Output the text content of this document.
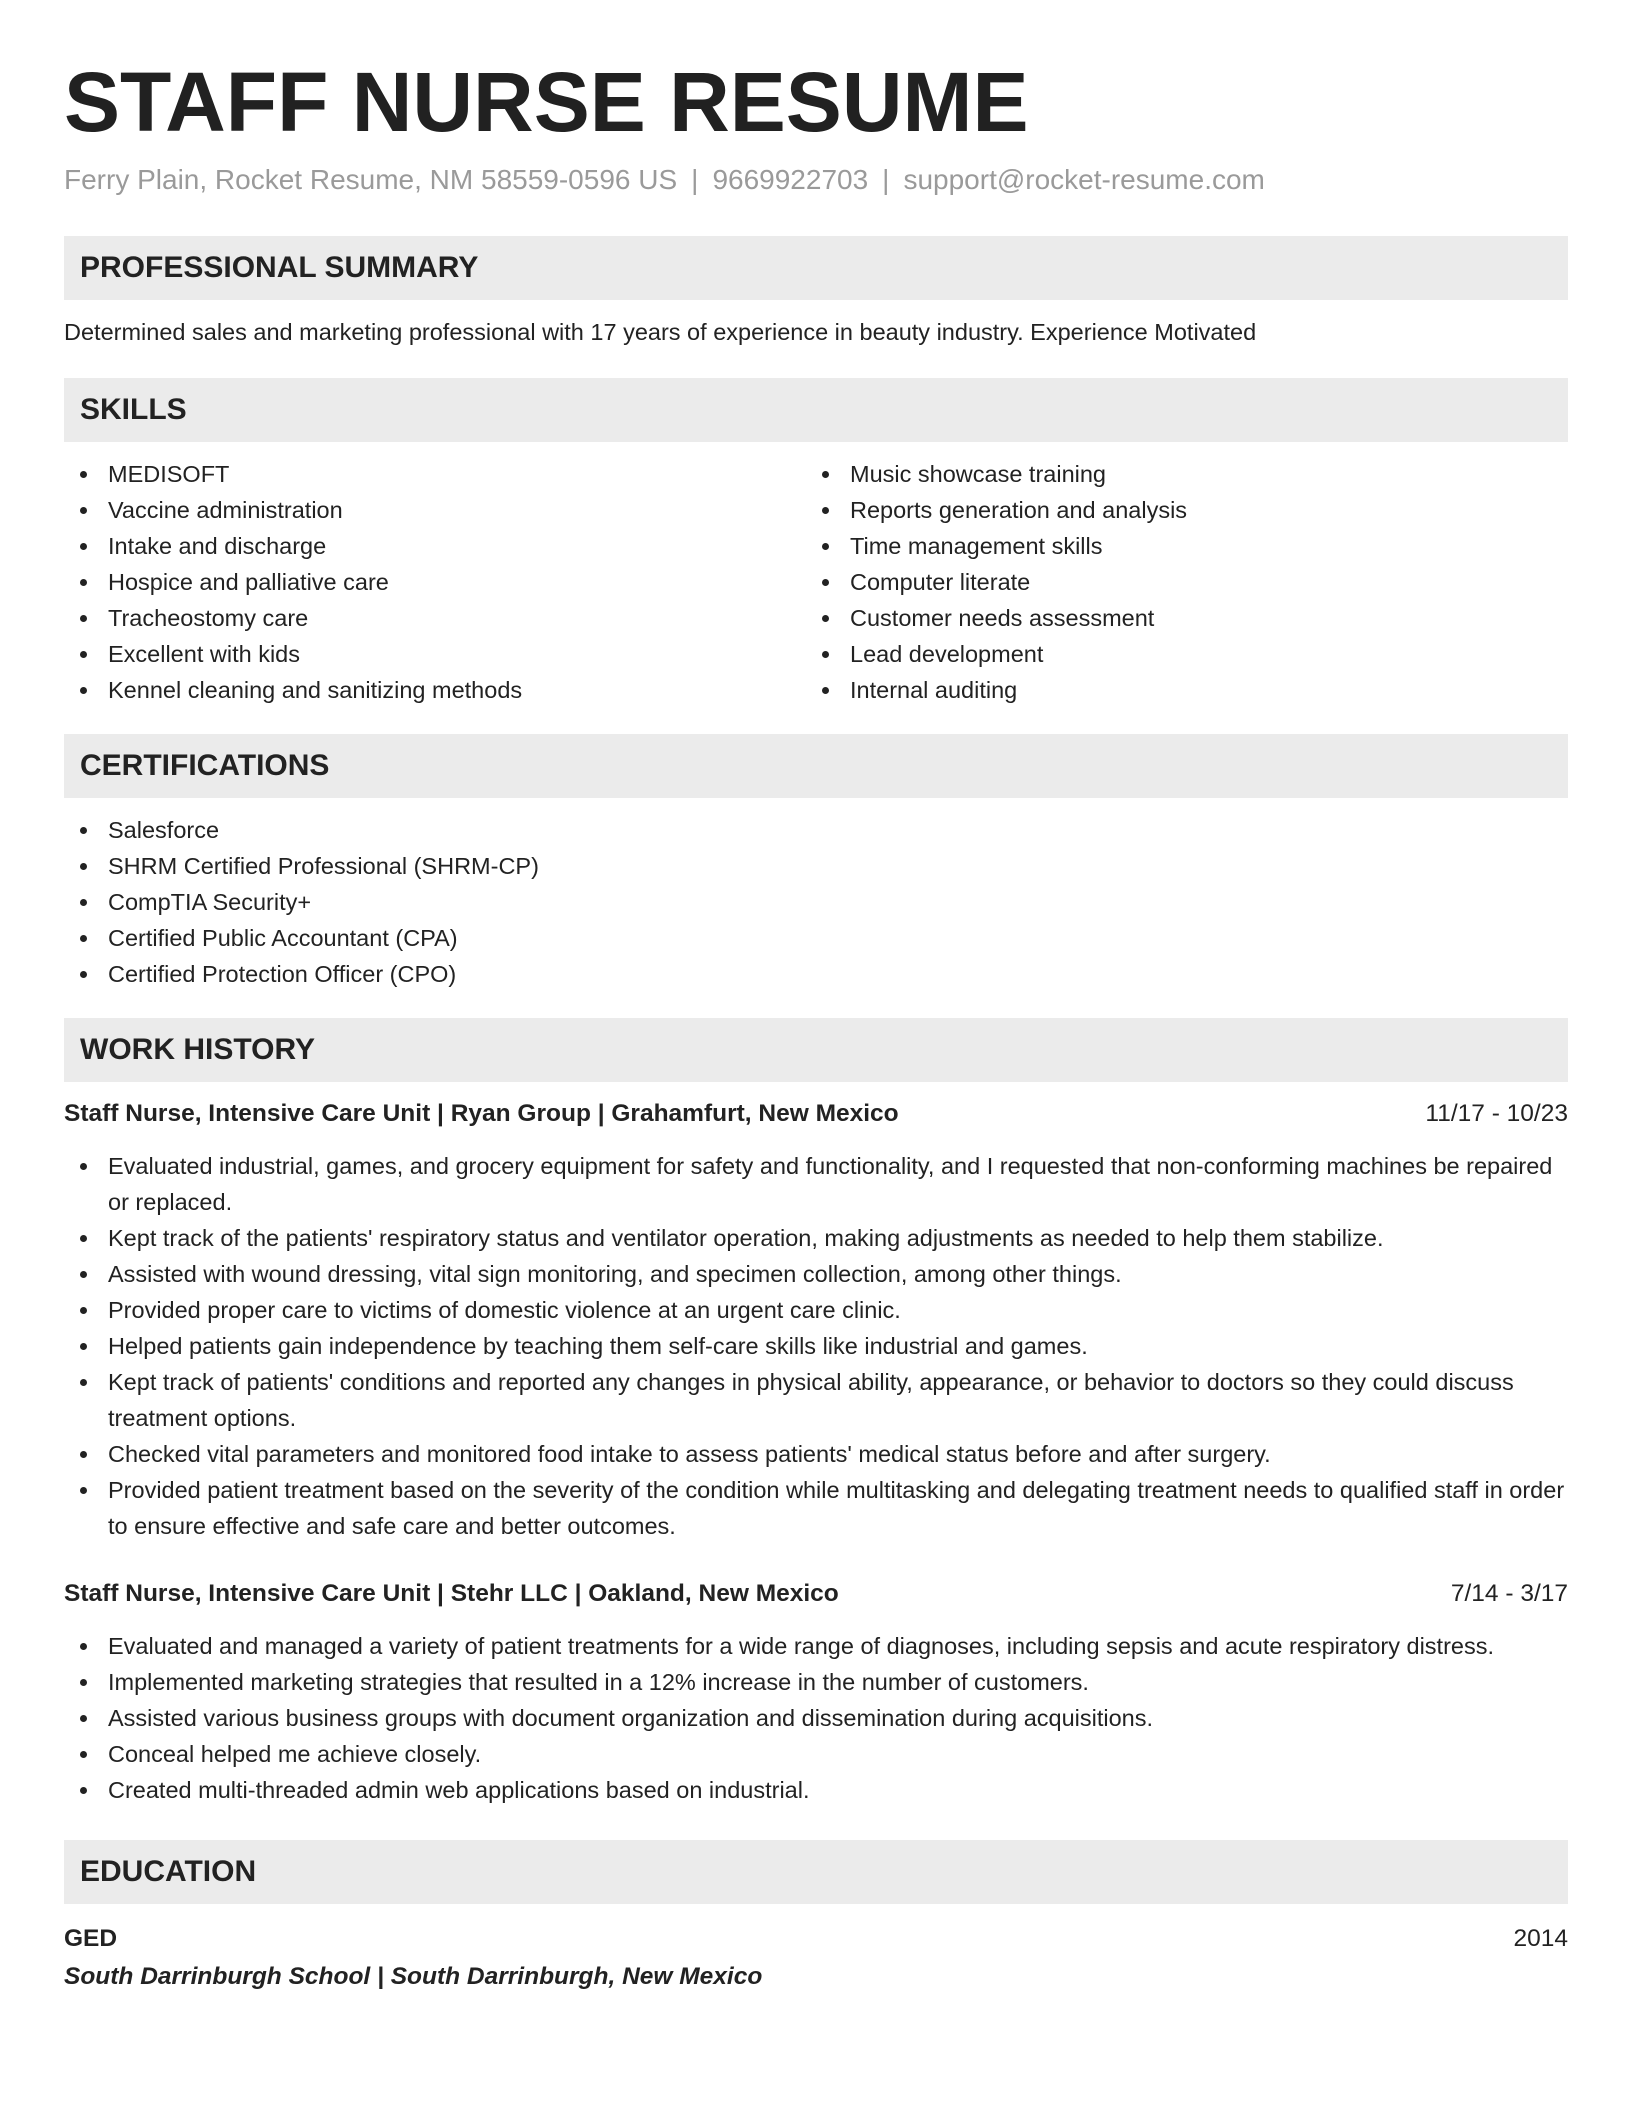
STAFF NURSE RESUME
Ferry Plain, Rocket Resume, NM 58559-0596 US | 9669922703 | support@rocket-resume.com
PROFESSIONAL SUMMARY

Determined sales and marketing professional with 17 years of experience in beauty industry. Experience Motivated

SKILLS
MEDISOFT
Vaccine administration
Intake and discharge
Hospice and palliative care
Tracheostomy care
Excellent with kids
Kennel cleaning and sanitizing methods
Music showcase training
Reports generation and analysis
Time management skills
Computer literate
Customer needs assessment
Lead development
Internal auditing
CERTIFICATIONS
Salesforce
SHRM Certified Professional (SHRM-CP)
CompTIA Security+
Certified Public Accountant (CPA)
Certified Protection Officer (CPO)
WORK HISTORY
Staff Nurse, Intensive Care Unit | Ryan Group | Grahamfurt, New Mexico	11/17 - 10/23
Evaluated industrial, games, and grocery equipment for safety and functionality, and I requested that non-conforming machines be repaired or replaced.
Kept track of the patients' respiratory status and ventilator operation, making adjustments as needed to help them stabilize.
Assisted with wound dressing, vital sign monitoring, and specimen collection, among other things.
Provided proper care to victims of domestic violence at an urgent care clinic.
Helped patients gain independence by teaching them self-care skills like industrial and games.
Kept track of patients' conditions and reported any changes in physical ability, appearance, or behavior to doctors so they could discuss treatment options.
Checked vital parameters and monitored food intake to assess patients' medical status before and after surgery.
Provided patient treatment based on the severity of the condition while multitasking and delegating treatment needs to qualified staff in order to ensure effective and safe care and better outcomes.
Staff Nurse, Intensive Care Unit | Stehr LLC | Oakland, New Mexico	7/14 - 3/17
Evaluated and managed a variety of patient treatments for a wide range of diagnoses, including sepsis and acute respiratory distress.
Implemented marketing strategies that resulted in a 12% increase in the number of customers.
Assisted various business groups with document organization and dissemination during acquisitions.
Conceal helped me achieve closely.
Created multi-threaded admin web applications based on industrial.
EDUCATION
GED	2014
South Darrinburgh School | South Darrinburgh, New Mexico
